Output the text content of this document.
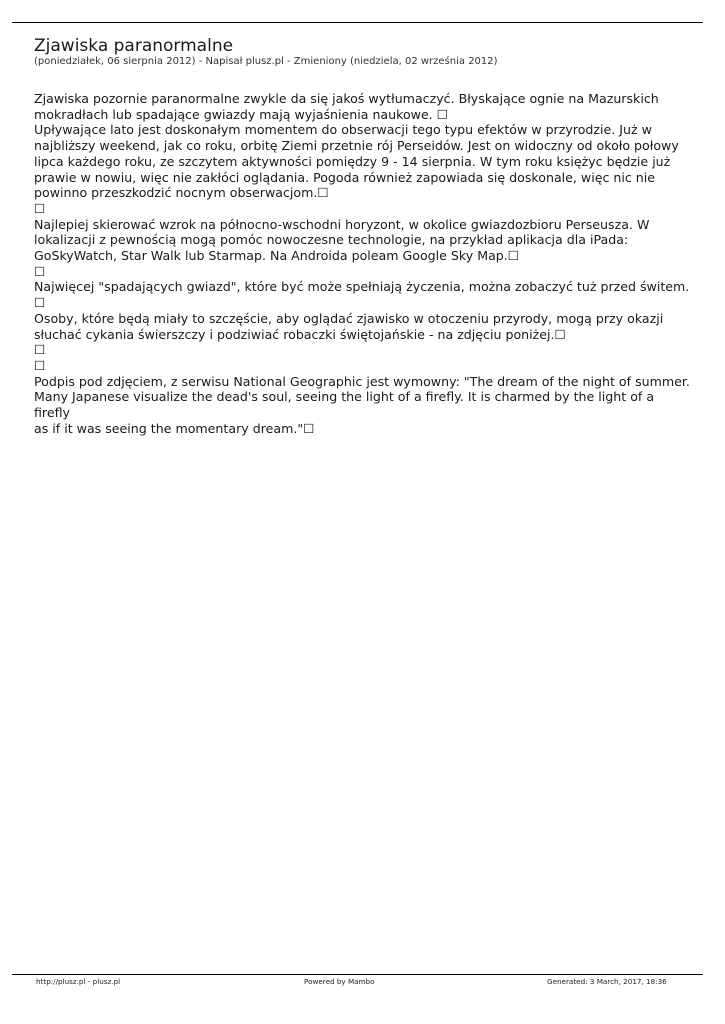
Zjawiska paranormalne

(poniedziałek, 06 sierpnia 2012) - Napisał plusz.pl - Zmieniony (niedziela, 02 września 2012)

Zjawiska pozornie paranormalne zwykle da się jakoś wytłumaczyć. Błyskające ognie na Mazurskich
mokradłach lub spadające gwiazdy mają wyjaśnienia naukowe. ☐
Upływające lato jest doskonałym momentem do obserwacji tego typu efektów w przyrodzie. Już w
najbliższy weekend, jak co roku, orbitę Ziemi przetnie rój Perseidów. Jest on widoczny od około połowy
lipca każdego roku, ze szczytem aktywności pomiędzy 9 - 14 sierpnia. W tym roku księżyc będzie już
prawie w nowiu, więc nie zakłóci oglądania. Pogoda również zapowiada się doskonale, więc nic nie
powinno przeszkodzić nocnym obserwacjom.☐
☐
Najlepiej skierować wzrok na północno-wschodni horyzont, w okolice gwiazdozbioru Perseusza. W
lokalizacji z pewnością mogą pomóc nowoczesne technologie, na przykład aplikacja dla iPada:
GoSkyWatch, Star Walk lub Starmap. Na Androida poleam Google Sky Map.☐
☐
Najwięcej "spadających gwiazd", które być może spełniają życzenia, można zobaczyć tuż przed świtem. ☐
Osoby, które będą miały to szczęście, aby oglądać zjawisko w otoczeniu przyrody, mogą przy okazji
słuchać cykania świerszczy i podziwiać robaczki świętojańskie - na zdjęciu poniżej.☐
☐
☐
Podpis pod zdjęciem, z serwisu National Geographic jest wymowny: "The dream of the night of summer.
Many Japanese visualize the dead's soul, seeing the light of a firefly. It is charmed by the light of a firefly
as if it was seeing the momentary dream."☐
http://plusz.pl - plusz.pl	Powered by Mambo	Generated: 3 March, 2017, 18:36
